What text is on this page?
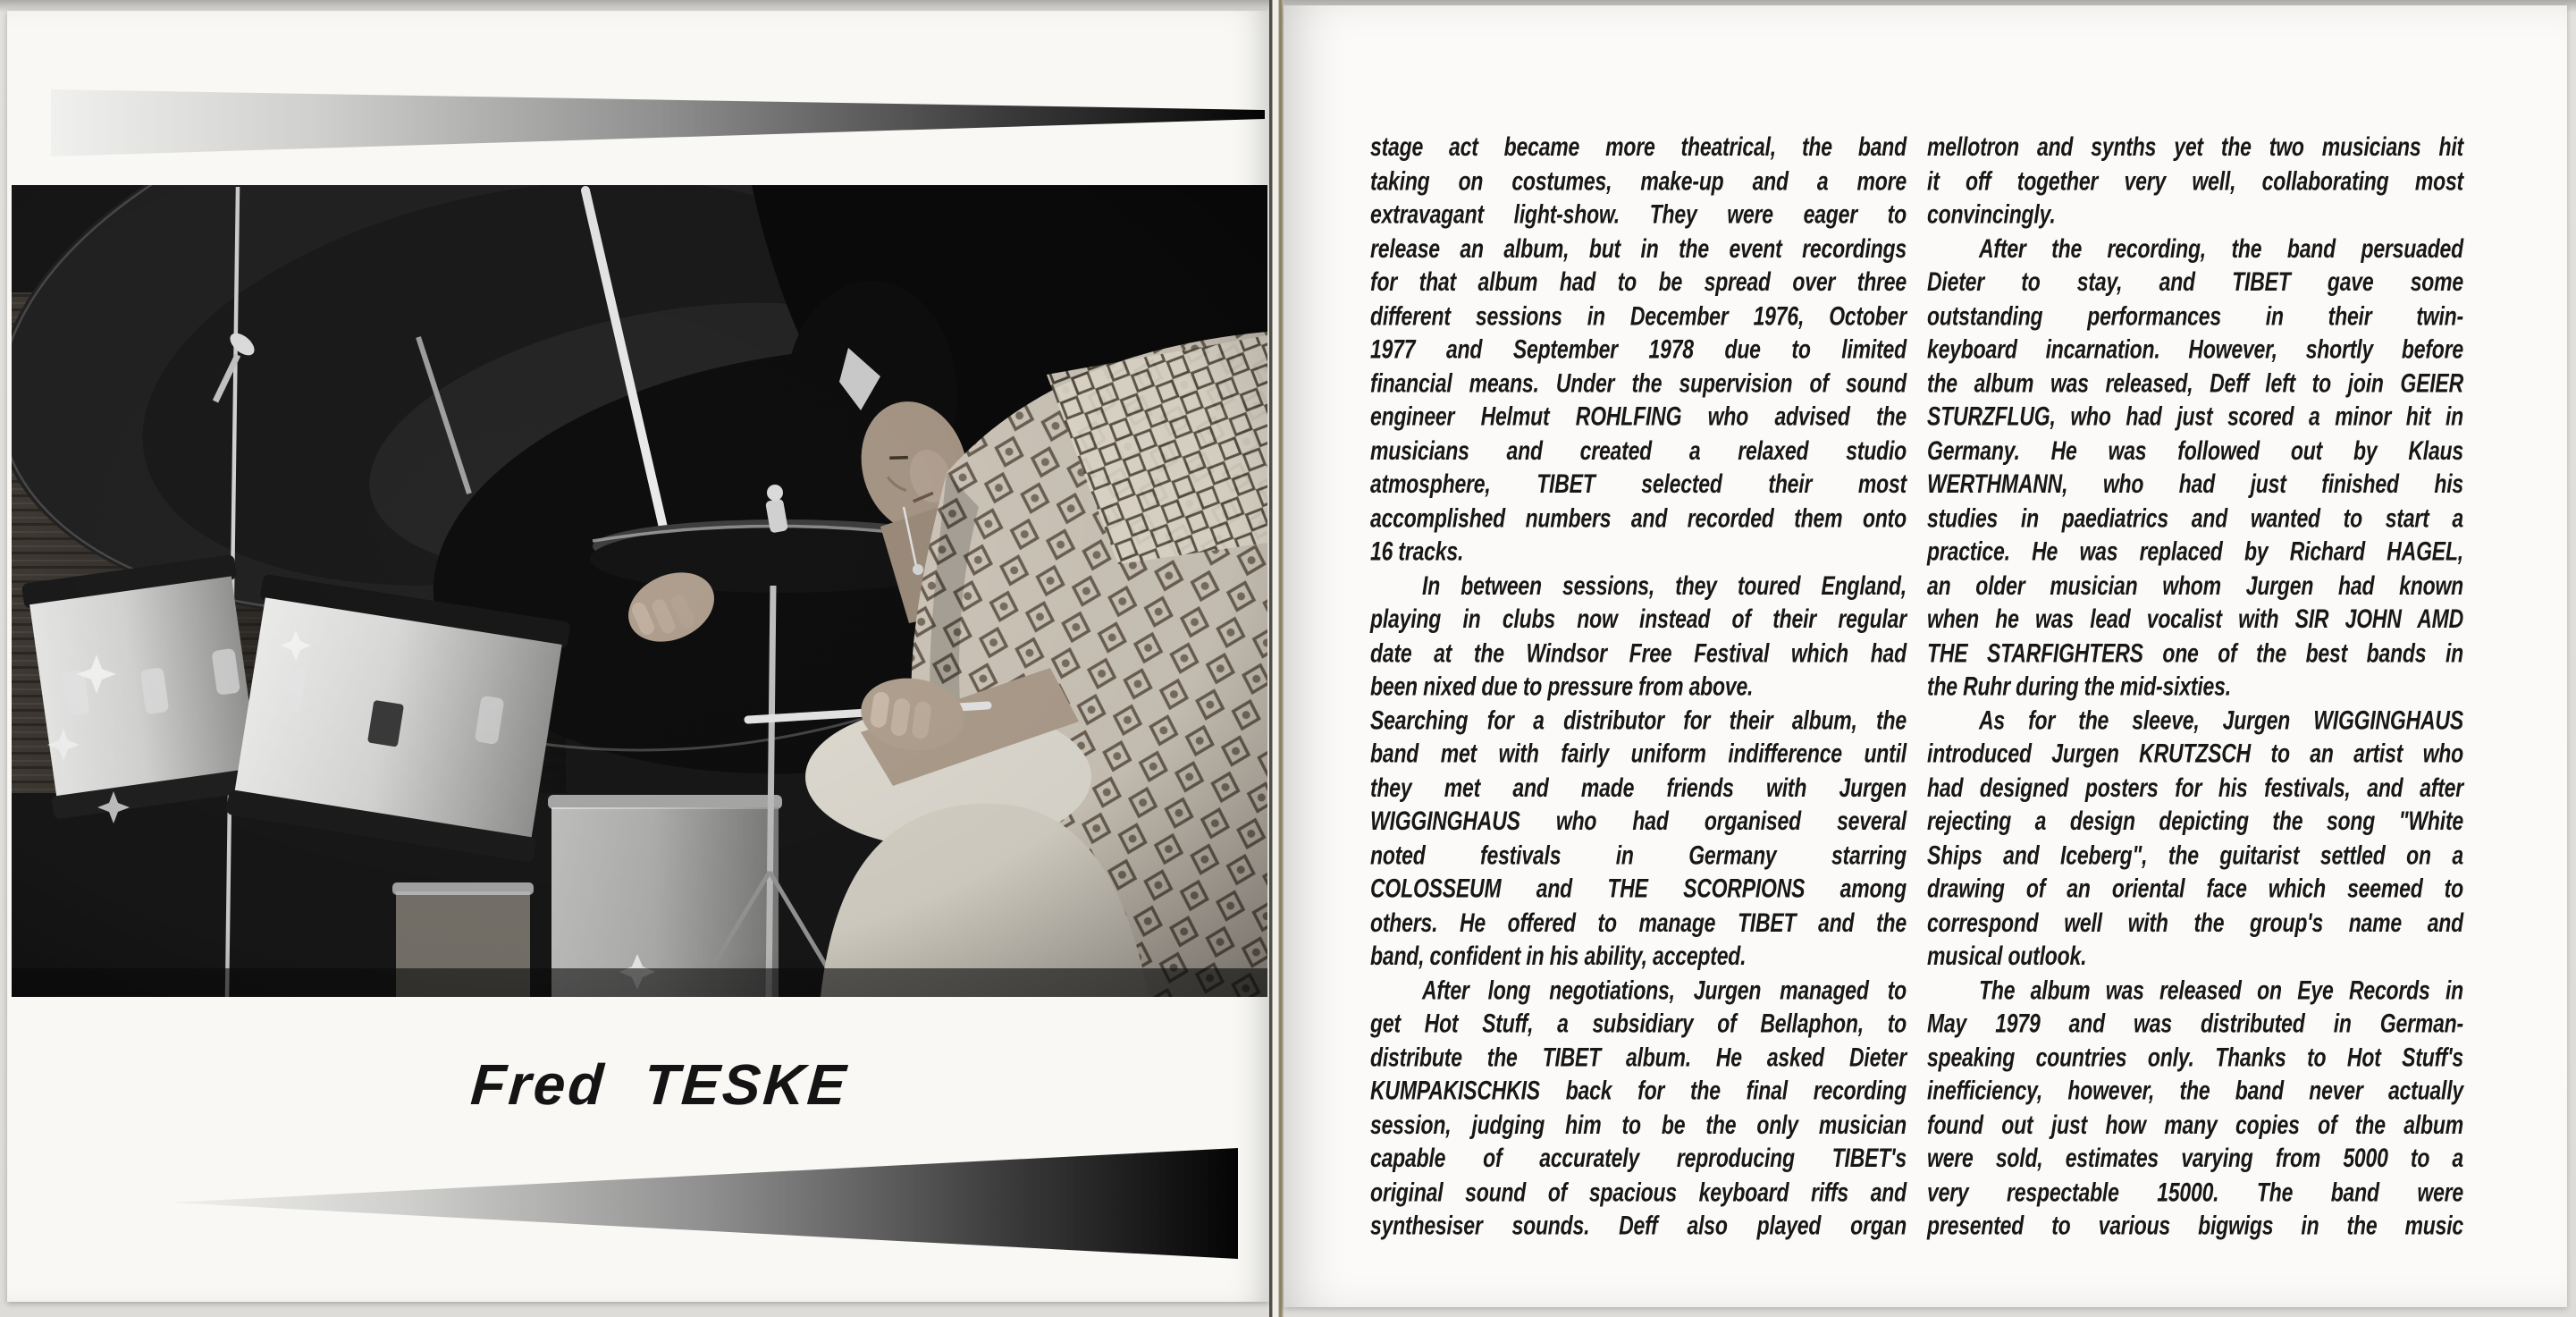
Fred TESKE
stage act became more theatrical, the band
taking on costumes, make-up and a more
extravagant light-show. They were eager to
release an album, but in the event recordings
for that album had to be spread over three
different sessions in December 1976, October
1977 and September 1978 due to limited
financial means. Under the supervision of sound
engineer Helmut ROHLFING who advised the
musicians and created a relaxed studio
atmosphere, TIBET selected their most
accomplished numbers and recorded them onto
16 tracks.
In between sessions, they toured England,
playing in clubs now instead of their regular
date at the Windsor Free Festival which had
been nixed due to pressure from above.
Searching for a distributor for their album, the
band met with fairly uniform indifference until
they met and made friends with Jurgen
WIGGINGHAUS who had organised several
noted festivals in Germany starring
COLOSSEUM and THE SCORPIONS among
others. He offered to manage TIBET and the
band, confident in his ability, accepted.
After long negotiations, Jurgen managed to
get Hot Stuff, a subsidiary of Bellaphon, to
distribute the TIBET album. He asked Dieter
KUMPAKISCHKIS back for the final recording
session, judging him to be the only musician
capable of accurately reproducing TIBET's
original sound of spacious keyboard riffs and
synthesiser sounds. Deff also played organ
mellotron and synths yet the two musicians hit
it off together very well, collaborating most
convincingly.
After the recording, the band persuaded
Dieter to stay, and TIBET gave some
outstanding performances in their twin-
keyboard incarnation. However, shortly before
the album was released, Deff left to join GEIER
STURZFLUG, who had just scored a minor hit in
Germany. He was followed out by Klaus
WERTHMANN, who had just finished his
studies in paediatrics and wanted to start a
practice. He was replaced by Richard HAGEL,
an older musician whom Jurgen had known
when he was lead vocalist with SIR JOHN AMD
THE STARFIGHTERS one of the best bands in
the Ruhr during the mid-sixties.
As for the sleeve, Jurgen WIGGINGHAUS
introduced Jurgen KRUTZSCH to an artist who
had designed posters for his festivals, and after
rejecting a design depicting the song "White
Ships and Iceberg", the guitarist settled on a
drawing of an oriental face which seemed to
correspond well with the group's name and
musical outlook.
The album was released on Eye Records in
May 1979 and was distributed in German-
speaking countries only. Thanks to Hot Stuff's
inefficiency, however, the band never actually
found out just how many copies of the album
were sold, estimates varying from 5000 to a
very respectable 15000. The band were
presented to various bigwigs in the music
